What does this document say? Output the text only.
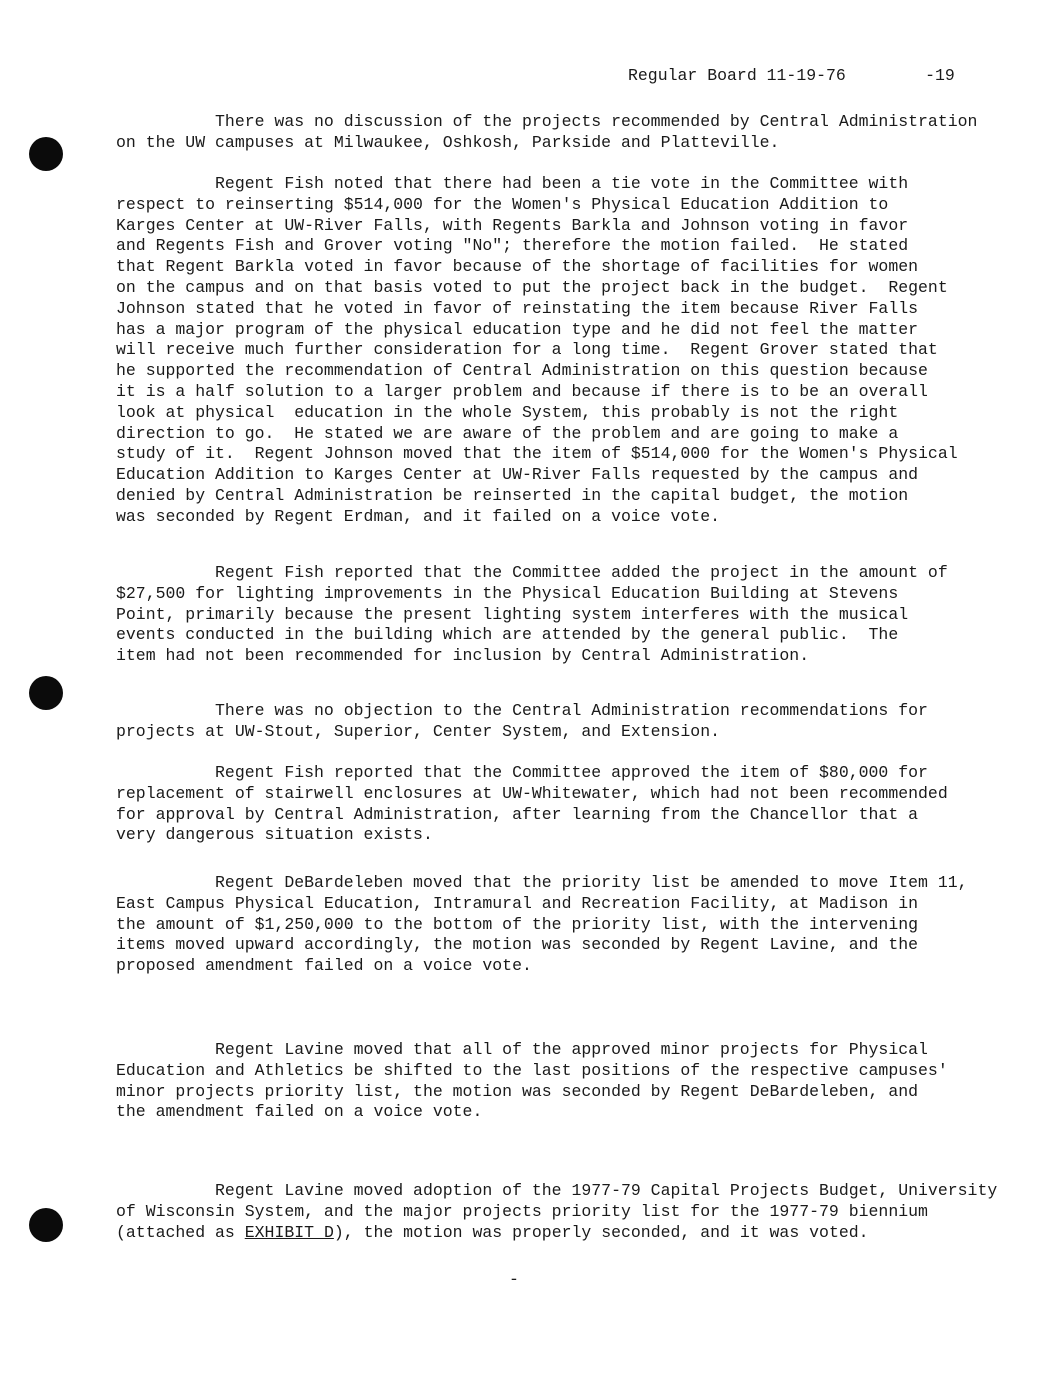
Regular Board 11-19-76	-19

There was no discussion of the projects recommended by Central Administration
on the UW campuses at Milwaukee, Oshkosh, Parkside and Platteville.

Regent Fish noted that there had been a tie vote in the Committee with
respect to reinserting $514,000 for the Women's Physical Education Addition to
Karges Center at UW-River Falls, with Regents Barkla and Johnson voting in favor
and Regents Fish and Grover voting "No"; therefore the motion failed.  He stated
that Regent Barkla voted in favor because of the shortage of facilities for women
on the campus and on that basis voted to put the project back in the budget.  Regent
Johnson stated that he voted in favor of reinstating the item because River Falls
has a major program of the physical education type and he did not feel the matter
will receive much further consideration for a long time.  Regent Grover stated that
he supported the recommendation of Central Administration on this question because
it is a half solution to a larger problem and because if there is to be an overall
look at physical  education in the whole System, this probably is not the right
direction to go.  He stated we are aware of the problem and are going to make a
study of it.  Regent Johnson moved that the item of $514,000 for the Women's Physical
Education Addition to Karges Center at UW-River Falls requested by the campus and
denied by Central Administration be reinserted in the capital budget, the motion
was seconded by Regent Erdman, and it failed on a voice vote.

Regent Fish reported that the Committee added the project in the amount of
$27,500 for lighting improvements in the Physical Education Building at Stevens
Point, primarily because the present lighting system interferes with the musical
events conducted in the building which are attended by the general public.  The
item had not been recommended for inclusion by Central Administration.

There was no objection to the Central Administration recommendations for
projects at UW-Stout, Superior, Center System, and Extension.

Regent Fish reported that the Committee approved the item of $80,000 for
replacement of stairwell enclosures at UW-Whitewater, which had not been recommended
for approval by Central Administration, after learning from the Chancellor that a
very dangerous situation exists.

Regent DeBardeleben moved that the priority list be amended to move Item 11,
East Campus Physical Education, Intramural and Recreation Facility, at Madison in
the amount of $1,250,000 to the bottom of the priority list, with the intervening
items moved upward accordingly, the motion was seconded by Regent Lavine, and the
proposed amendment failed on a voice vote.

Regent Lavine moved that all of the approved minor projects for Physical
Education and Athletics be shifted to the last positions of the respective campuses'
minor projects priority list, the motion was seconded by Regent DeBardeleben, and
the amendment failed on a voice vote.

Regent Lavine moved adoption of the 1977-79 Capital Projects Budget, University
of Wisconsin System, and the major projects priority list for the 1977-79 biennium
(attached as EXHIBIT D), the motion was properly seconded, and it was voted.

-
